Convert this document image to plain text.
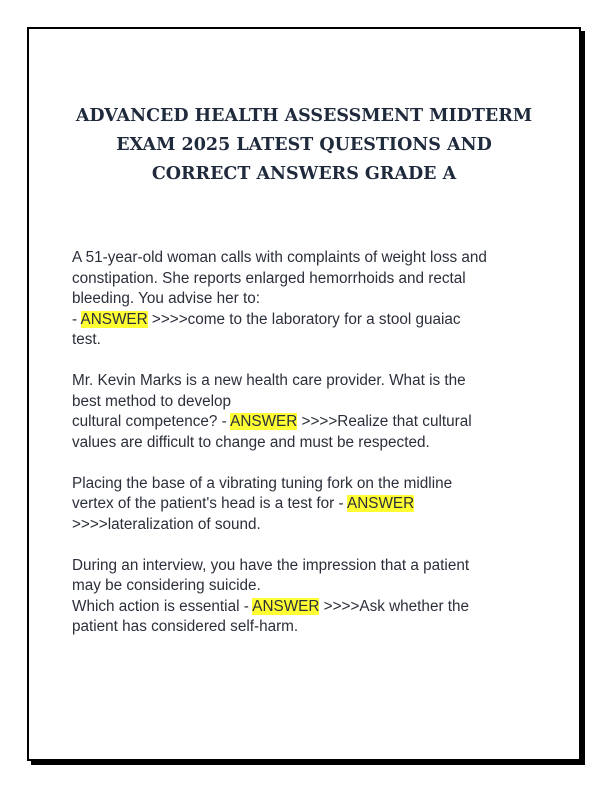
ADVANCED HEALTH ASSESSMENT MIDTERM
EXAM 2025 LATEST QUESTIONS AND
CORRECT ANSWERS GRADE A
A 51-year-old woman calls with complaints of weight loss and
constipation. She reports enlarged hemorrhoids and rectal
bleeding. You advise her to:
- ANSWER >>>>come to the laboratory for a stool guaiac
test.
Mr. Kevin Marks is a new health care provider. What is the
best method to develop
cultural competence? - ANSWER >>>>Realize that cultural
values are difficult to change and must be respected.
Placing the base of a vibrating tuning fork on the midline
vertex of the patient's head is a test for - ANSWER
>>>>lateralization of sound.
During an interview, you have the impression that a patient
may be considering suicide.
Which action is essential - ANSWER >>>>Ask whether the
patient has considered self-harm.
